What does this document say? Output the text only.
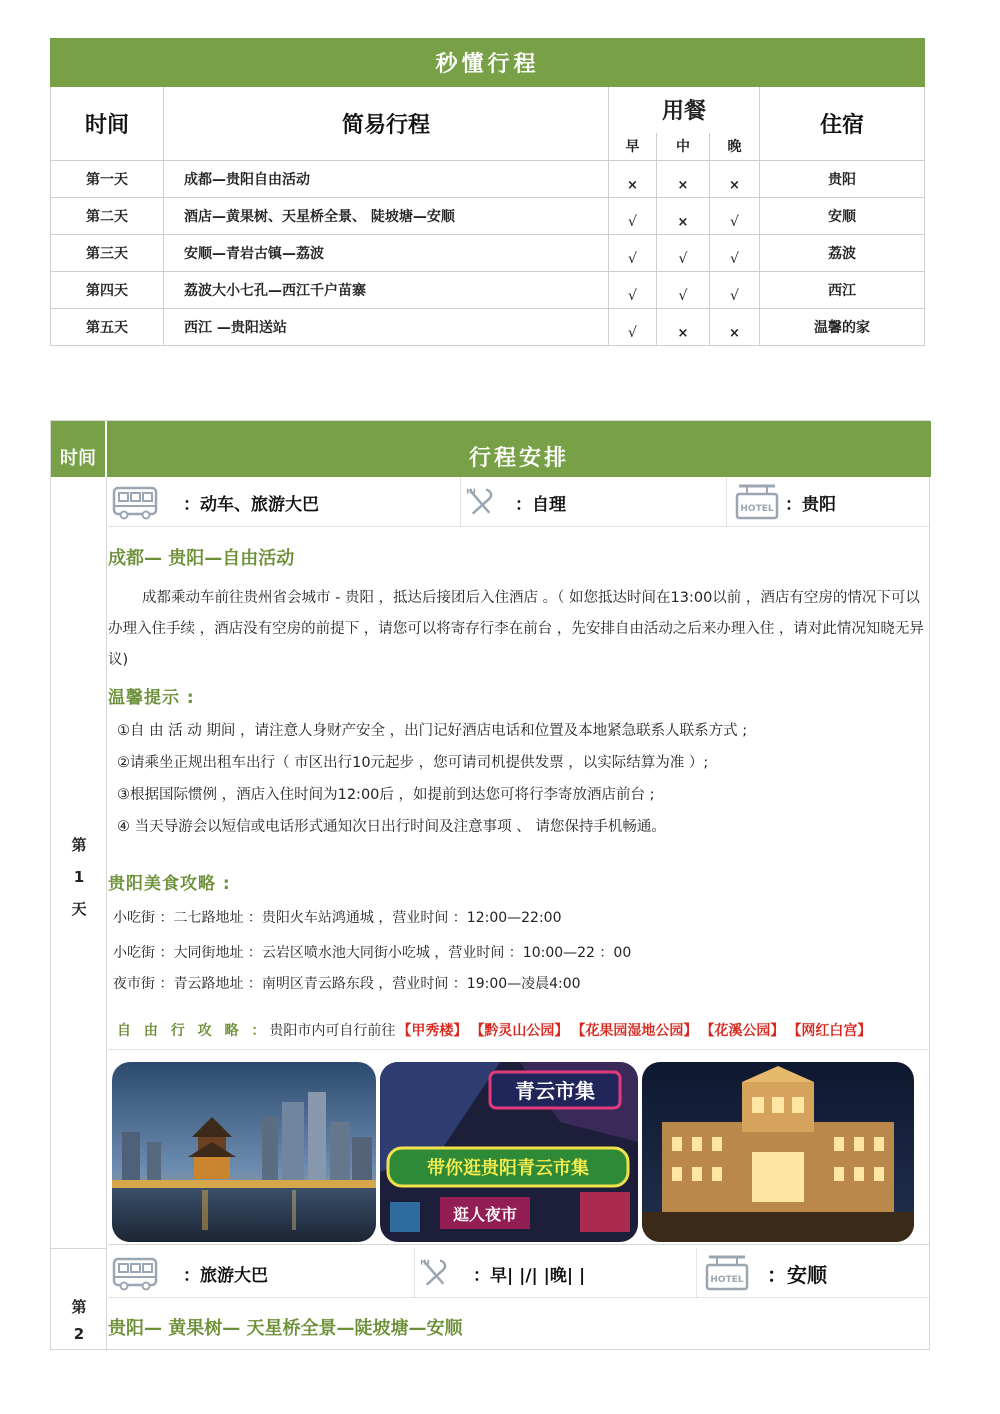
秒懂行程					
时间	简易行程	用餐			住宿
		早	中	晚	
第一天	成都—贵阳自由活动	×	×	×	贵阳
第二天	酒店—黄果树、天星桥全景、 陡坡塘—安顺	√	×	√	安顺
第三天	安顺—青岩古镇—荔波	√	√	√	荔波
第四天	荔波大小七孔—西江千户苗寨	√	√	√	西江
第五天	西江 —贵阳送站	√	×	×	温馨的家
时间	行程安排
第
1
天
：动车、旅游大巴	：自理	HOTEL ：贵阳
成都— 贵阳—自由活动
成都乘动车前往贵州省会城市 - 贵阳 ，抵达后接团后入住酒店 。（ 如您抵达时间在13:00以前 ，酒店有空房的情况下可以办理入住手续 ，酒店没有空房的前提下 ，请您可以将寄存行李在前台 ，先安排自由活动之后来办理入住 ，请对此情况知晓无异议)
温馨提示 :
①自 由 活 动 期间 ，请注意人身财产安全 ，出门记好酒店电话和位置及本地紧急联系人联系方式 ;
②请乘坐正规出租车出行（ 市区出行10元起步 ，您可请司机提供发票 ，以实际结算为准 ）;
③根据国际惯例 ，酒店入住时间为12:00后 ，如提前到达您可将行李寄放酒店前台 ;
④ 当天导游会以短信或电话形式通知次日出行时间及注意事项 、 请您保持手机畅通。
贵阳美食攻略 :
小吃街 ：二七路地址 ：贵阳火车站鸿通城 ，营业时间 ：12:00—22:00
小吃街 ：大同街地址 ：云岩区喷水池大同街小吃城 ，营业时间 ：10:00—22 ：00
夜市街 ：青云路地址 ：南明区青云路东段 ，营业时间 ：19:00—凌晨4:00
自 由 行 攻 略 ：贵阳市内可自行前往 【甲秀楼】 【黔灵山公园】 【花果园湿地公园】 【花溪公园】 【网红白宫】
青云市集
带你逛贵阳青云市集
逛人夜市
第
2
：旅游大巴	：早| |/| |晚| |	HOTEL ：安顺
贵阳— 黄果树— 天星桥全景—陡坡塘—安顺
